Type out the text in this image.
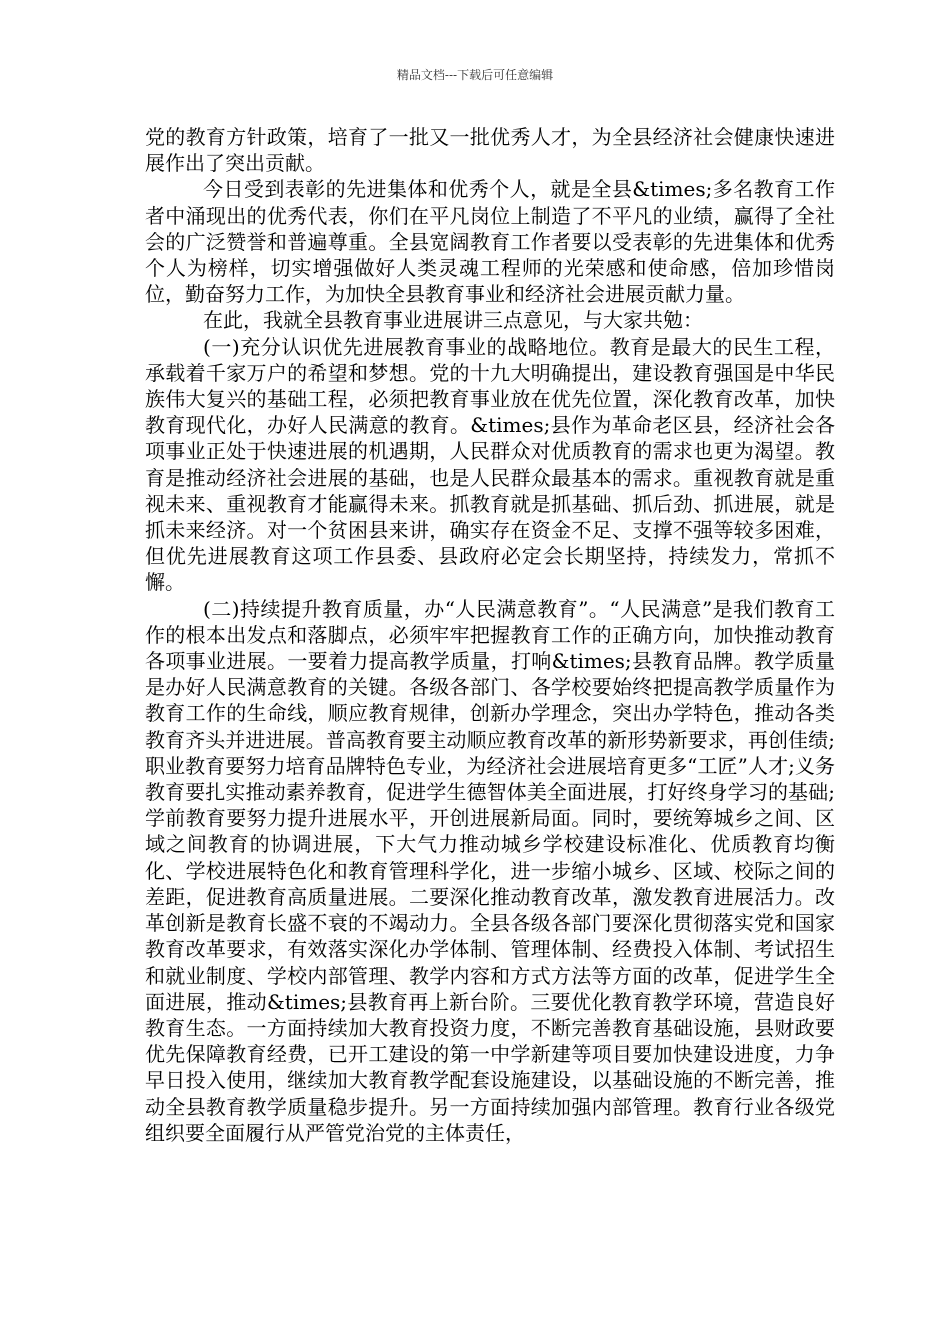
精品文档---下载后可任意编辑

党的教育方针政策，培育了一批又一批优秀人才，为全县经济社会健康快速进展作出了突出贡献。

今日受到表彰的先进集体和优秀个人，就是全县&times;多名教育工作者中涌现出的优秀代表，你们在平凡岗位上制造了不平凡的业绩，赢得了全社会的广泛赞誉和普遍尊重。全县宽阔教育工作者要以受表彰的先进集体和优秀个人为榜样，切实增强做好人类灵魂工程师的光荣感和使命感，倍加珍惜岗位，勤奋努力工作，为加快全县教育事业和经济社会进展贡献力量。

在此，我就全县教育事业进展讲三点意见，与大家共勉：

(一)充分认识优先进展教育事业的战略地位。教育是最大的民生工程，承载着千家万户的希望和梦想。党的十九大明确提出，建设教育强国是中华民族伟大复兴的基础工程，必须把教育事业放在优先位置，深化教育改革，加快教育现代化，办好人民满意的教育。&times;县作为革命老区县，经济社会各项事业正处于快速进展的机遇期，人民群众对优质教育的需求也更为渴望。教育是推动经济社会进展的基础，也是人民群众最基本的需求。重视教育就是重视未来、重视教育才能赢得未来。抓教育就是抓基础、抓后劲、抓进展，就是抓未来经济。对一个贫困县来讲，确实存在资金不足、支撑不强等较多困难，但优先进展教育这项工作县委、县政府必定会长期坚持，持续发力，常抓不懈。

(二)持续提升教育质量，办“人民满意教育”。“人民满意”是我们教育工作的根本出发点和落脚点，必须牢牢把握教育工作的正确方向，加快推动教育各项事业进展。一要着力提高教学质量，打响&times;县教育品牌。教学质量是办好人民满意教育的关键。各级各部门、各学校要始终把提高教学质量作为教育工作的生命线，顺应教育规律，创新办学理念，突出办学特色，推动各类教育齐头并进进展。普高教育要主动顺应教育改革的新形势新要求，再创佳绩;职业教育要努力培育品牌特色专业，为经济社会进展培育更多“工匠”人才;义务教育要扎实推动素养教育，促进学生德智体美全面进展，打好终身学习的基础;学前教育要努力提升进展水平，开创进展新局面。同时，要统筹城乡之间、区域之间教育的协调进展，下大气力推动城乡学校建设标准化、优质教育均衡化、学校进展特色化和教育管理科学化，进一步缩小城乡、区域、校际之间的差距，促进教育高质量进展。二要深化推动教育改革，激发教育进展活力。改革创新是教育长盛不衰的不竭动力。全县各级各部门要深化贯彻落实党和国家教育改革要求，有效落实深化办学体制、管理体制、经费投入体制、考试招生和就业制度、学校内部管理、教学内容和方式方法等方面的改革，促进学生全面进展，推动&times;县教育再上新台阶。三要优化教育教学环境，营造良好教育生态。一方面持续加大教育投资力度，不断完善教育基础设施，县财政要优先保障教育经费，已开工建设的第一中学新建等项目要加快建设进度，力争早日投入使用，继续加大教育教学配套设施建设，以基础设施的不断完善，推动全县教育教学质量稳步提升。另一方面持续加强内部管理。教育行业各级党组织要全面履行从严管党治党的主体责任，
